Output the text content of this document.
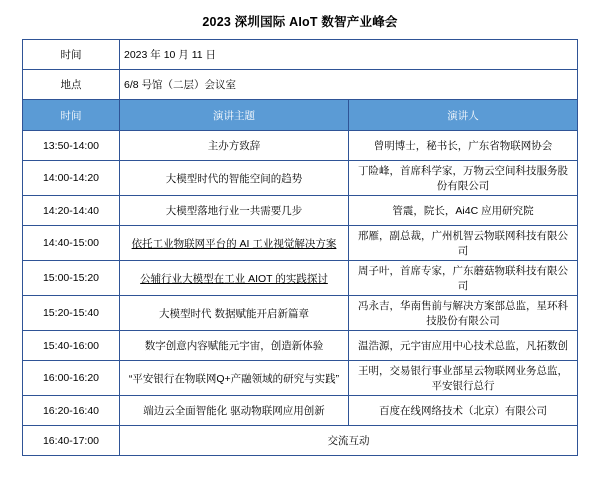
2023 深圳国际 AIoT 数智产业峰会
时间	2023 年 10 月 11 日	
地点	6/8 号馆（二层）会议室	
时间	演讲主题	演讲人
13:50-14:00	主办方致辞	曾明博士，秘书长，广东省物联网协会
14:00-14:20	大模型时代的智能空间的趋势	丁险峰，首席科学家，万物云空间科技服务股份有限公司
14:20-14:40	大模型落地行业一共需要几步	管震，院长，Ai4C 应用研究院
14:40-15:00	依托工业物联网平台的 AI 工业视觉解决方案	邢雁，副总裁，广州机智云物联网科技有限公司
15:00-15:20	公辅行业大模型在工业 AIOT 的实践探讨	周子叶，首席专家，广东蘑菇物联科技有限公司
15:20-15:40	大模型时代 数据赋能开启新篇章	冯永吉，华南售前与解决方案部总监，星环科技股份有限公司
15:40-16:00	数字创意内容赋能元宇宙，创造新体验	温浩源，元宇宙应用中心技术总监，凡拓数创
16:00-16:20	“平安银行在物联网Q+产融领域的研究与实践”	王明，交易银行事业部星云物联网业务总监，平安银行总行
16:20-16:40	端边云全面智能化 驱动物联网应用创新	百度在线网络技术（北京）有限公司
16:40-17:00	交流互动	
